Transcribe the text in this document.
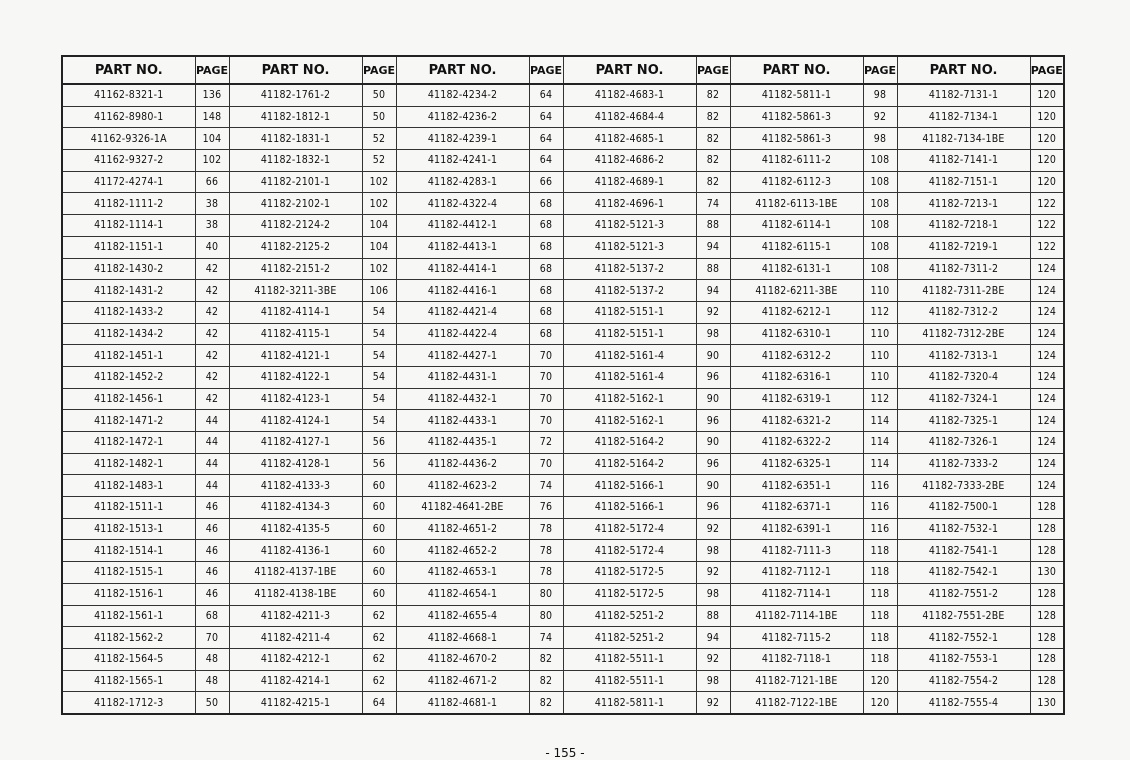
PART NO.	PAGE	PART NO.	PAGE	PART NO.	PAGE	PART NO.	PAGE	PART NO.	PAGE	PART NO.	PAGE
41162-8321-1	136	41182-1761-2	50	41182-4234-2	64	41182-4683-1	82	41182-5811-1	98	41182-7131-1	120
41162-8980-1	148	41182-1812-1	50	41182-4236-2	64	41182-4684-4	82	41182-5861-3	92	41182-7134-1	120
41162-9326-1A	104	41182-1831-1	52	41182-4239-1	64	41182-4685-1	82	41182-5861-3	98	41182-7134-1BE	120
41162-9327-2	102	41182-1832-1	52	41182-4241-1	64	41182-4686-2	82	41182-6111-2	108	41182-7141-1	120
41172-4274-1	66	41182-2101-1	102	41182-4283-1	66	41182-4689-1	82	41182-6112-3	108	41182-7151-1	120
41182-1111-2	38	41182-2102-1	102	41182-4322-4	68	41182-4696-1	74	41182-6113-1BE	108	41182-7213-1	122
41182-1114-1	38	41182-2124-2	104	41182-4412-1	68	41182-5121-3	88	41182-6114-1	108	41182-7218-1	122
41182-1151-1	40	41182-2125-2	104	41182-4413-1	68	41182-5121-3	94	41182-6115-1	108	41182-7219-1	122
41182-1430-2	42	41182-2151-2	102	41182-4414-1	68	41182-5137-2	88	41182-6131-1	108	41182-7311-2	124
41182-1431-2	42	41182-3211-3BE	106	41182-4416-1	68	41182-5137-2	94	41182-6211-3BE	110	41182-7311-2BE	124
41182-1433-2	42	41182-4114-1	54	41182-4421-4	68	41182-5151-1	92	41182-6212-1	112	41182-7312-2	124
41182-1434-2	42	41182-4115-1	54	41182-4422-4	68	41182-5151-1	98	41182-6310-1	110	41182-7312-2BE	124
41182-1451-1	42	41182-4121-1	54	41182-4427-1	70	41182-5161-4	90	41182-6312-2	110	41182-7313-1	124
41182-1452-2	42	41182-4122-1	54	41182-4431-1	70	41182-5161-4	96	41182-6316-1	110	41182-7320-4	124
41182-1456-1	42	41182-4123-1	54	41182-4432-1	70	41182-5162-1	90	41182-6319-1	112	41182-7324-1	124
41182-1471-2	44	41182-4124-1	54	41182-4433-1	70	41182-5162-1	96	41182-6321-2	114	41182-7325-1	124
41182-1472-1	44	41182-4127-1	56	41182-4435-1	72	41182-5164-2	90	41182-6322-2	114	41182-7326-1	124
41182-1482-1	44	41182-4128-1	56	41182-4436-2	70	41182-5164-2	96	41182-6325-1	114	41182-7333-2	124
41182-1483-1	44	41182-4133-3	60	41182-4623-2	74	41182-5166-1	90	41182-6351-1	116	41182-7333-2BE	124
41182-1511-1	46	41182-4134-3	60	41182-4641-2BE	76	41182-5166-1	96	41182-6371-1	116	41182-7500-1	128
41182-1513-1	46	41182-4135-5	60	41182-4651-2	78	41182-5172-4	92	41182-6391-1	116	41182-7532-1	128
41182-1514-1	46	41182-4136-1	60	41182-4652-2	78	41182-5172-4	98	41182-7111-3	118	41182-7541-1	128
41182-1515-1	46	41182-4137-1BE	60	41182-4653-1	78	41182-5172-5	92	41182-7112-1	118	41182-7542-1	130
41182-1516-1	46	41182-4138-1BE	60	41182-4654-1	80	41182-5172-5	98	41182-7114-1	118	41182-7551-2	128
41182-1561-1	68	41182-4211-3	62	41182-4655-4	80	41182-5251-2	88	41182-7114-1BE	118	41182-7551-2BE	128
41182-1562-2	70	41182-4211-4	62	41182-4668-1	74	41182-5251-2	94	41182-7115-2	118	41182-7552-1	128
41182-1564-5	48	41182-4212-1	62	41182-4670-2	82	41182-5511-1	92	41182-7118-1	118	41182-7553-1	128
41182-1565-1	48	41182-4214-1	62	41182-4671-2	82	41182-5511-1	98	41182-7121-1BE	120	41182-7554-2	128
41182-1712-3	50	41182-4215-1	64	41182-4681-1	82	41182-5811-1	92	41182-7122-1BE	120	41182-7555-4	130
- 155 -
